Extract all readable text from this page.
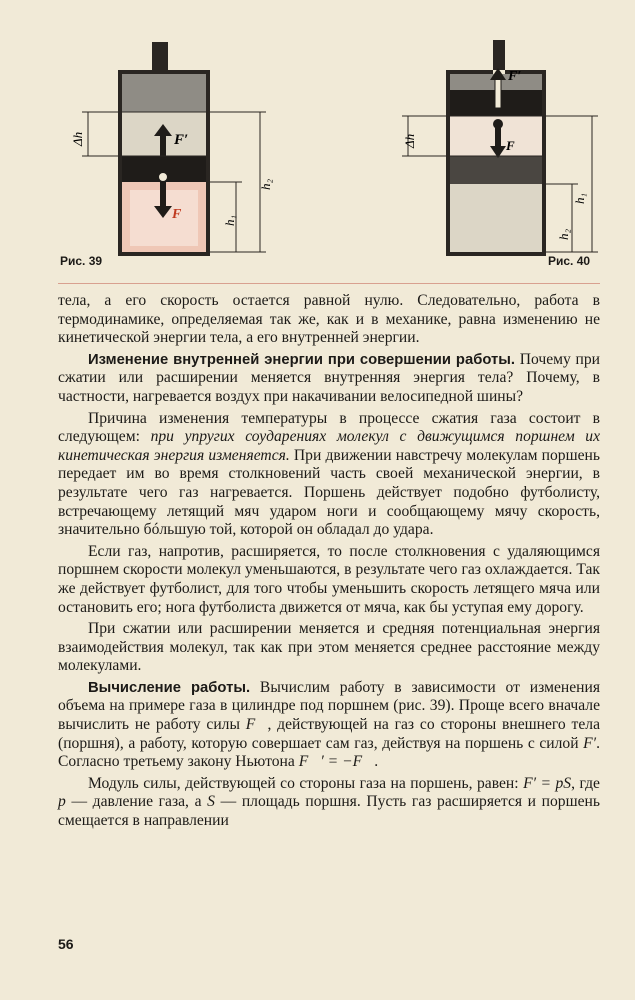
F′
F
Δh
h₂
h₁
Рис. 39
F′
F
Δh
h₁
h₂
Рис. 40

тела, а его скорость остается равной нулю. Следовательно, работа в термодинамике, определяемая так же, как и в механике, равна изменению не кинетической энергии тела, а его внутренней энергии.

Изменение внутренней энергии при совершении работы. Почему при сжатии или расширении меняется внутренняя энергия тела? Почему, в частности, нагревается воздух при накачивании велосипедной шины?

Причина изменения температуры в процессе сжатия газа состоит в следующем: при упругих соударениях молекул с движущимся поршнем их кинетическая энергия изменяется. При движении навстречу молекулам поршень передает им во время столкновений часть своей механической энергии, в результате чего газ нагревается. Поршень действует подобно футболисту, встречающему летящий мяч ударом ноги и сообщающему мячу скорость, значительно бóльшую той, которой он обладал до удара.

Если газ, напротив, расширяется, то после столкновения с удаляющимся поршнем скорости молекул уменьшаются, в результате чего газ охлаждается. Так же действует футболист, для того чтобы уменьшить скорость летящего мяча или остановить его; нога футболиста движется от мяча, как бы уступая ему дорогу.

При сжатии или расширении меняется и средняя потенциальная энергия взаимодействия молекул, так как при этом меняется среднее расстояние между молекулами.

Вычисление работы. Вычислим работу в зависимости от изменения объема на примере газа в цилиндре под поршнем (рис. 39). Проще всего вначале вычислить не работу силы F⃗, действующей на газ со стороны внешнего тела (поршня), а работу, которую совершает сам газ, действуя на поршень с силой F′. Согласно третьему закону Ньютона F⃗′ = −F⃗.

Модуль силы, действующей со стороны газа на поршень, равен: F′ = pS, где p — давление газа, а S — площадь поршня. Пусть газ расширяется и поршень смещается в направлении

56
